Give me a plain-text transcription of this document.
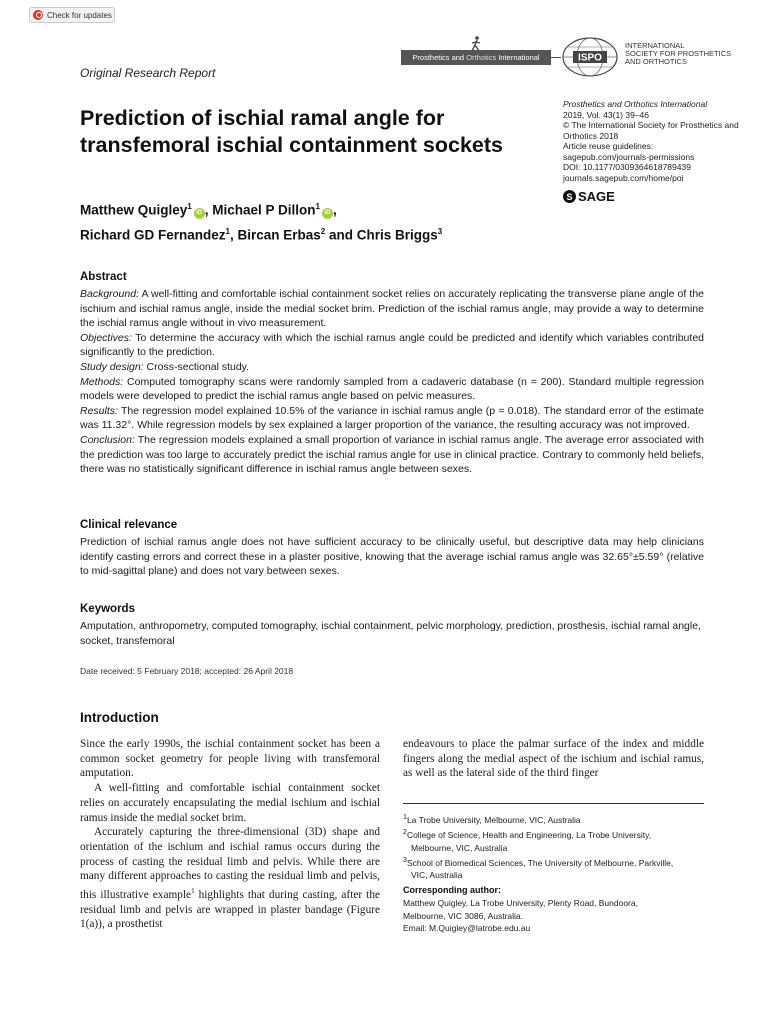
Check for updates
Original Research Report
Prosthetics and
Orthotics
International	ISPO
INTERNATIONAL
SOCIETY FOR PROSTHETICS
AND ORTHOTICS
Prediction of ischial ramal angle for transfemoral ischial containment sockets
Prosthetics and Orthotics International
2019, Vol. 43(1) 39–46
© The International Society for Prosthetics and Orthotics 2018
Article reuse guidelines:
sagepub.com/journals-permissions
DOI: 10.1177/0309364618789439
journals.sagepub.com/home/poi
S SAGE
Matthew Quigley$^1$iD , Michael P Dillon$^1$iD ,
Richard GD Fernandez$^1$, Bircan Erbas$^2$ and Chris Briggs$^3$
Abstract

Background: A well-fitting and comfortable ischial containment socket relies on accurately replicating the transverse plane angle of the ischium and ischial ramus angle, inside the medial socket brim. Prediction of the ischial ramus angle, may provide a way to determine the ischial ramus angle without in vivo measurement.

Objectives: To determine the accuracy with which the ischial ramus angle could be predicted and identify which variables contributed significantly to the prediction.

Study design: Cross-sectional study.

Methods: Computed tomography scans were randomly sampled from a cadaveric database (n = 200). Standard multiple regression models were developed to predict the ischial ramus angle based on pelvic measures.

Results: The regression model explained 10.5% of the variance in ischial ramus angle (p = 0.018). The standard error of the estimate was 11.32°. While regression models by sex explained a larger proportion of the variance, the resulting accuracy was not improved.

Conclusion: The regression models explained a small proportion of variance in ischial ramus angle. The average error associated with the prediction was too large to accurately predict the ischial ramus angle for use in clinical practice. Contrary to commonly held beliefs, there was no statistically significant difference in ischial ramus angle between sexes.

Clinical relevance

Prediction of ischial ramus angle does not have sufficient accuracy to be clinically useful, but descriptive data may help clinicians identify casting errors and correct these in a plaster positive, knowing that the average ischial ramus angle was 32.65°±5.59° (relative to mid-sagittal plane) and does not vary between sexes.

Keywords

Amputation, anthropometry, computed tomography, ischial containment, pelvic morphology, prediction, prosthesis, ischial ramal angle, socket, transfemoral

Date received: 5 February 2018; accepted: 26 April 2018
Introduction

Since the early 1990s, the ischial containment socket has been a common socket geometry for people living with transfemoral amputation.

A well-fitting and comfortable ischial containment socket relies on accurately encapsulating the medial ischium and ischial ramus inside the medial socket brim.

Accurately capturing the three-dimensional (3D) shape and orientation of the ischium and ischial ramus occurs during the process of casting the residual limb and pelvis. While there are many different approaches to casting the residual limb and pelvis, this illustrative example$^1$ highlights that during casting, after the residual limb and pelvis are wrapped in plaster bandage (Figure 1(a)), a prosthetist

endeavours to place the palmar surface of the index and middle fingers along the medial aspect of the ischium and ischial ramus, as well as the lateral side of the third finger

$^1$La Trobe University, Melbourne, VIC, Australia
$^2$College of Science, Health and Engineering, La Trobe University,
Melbourne, VIC, Australia
$^3$School of Biomedical Sciences, The University of Melbourne, Parkville,
VIC, Australia
Corresponding author:
Matthew Quigley, La Trobe University, Plenty Road, Bundoora,
Melbourne, VIC 3086, Australia.
Email: M.Quigley@latrobe.edu.au
